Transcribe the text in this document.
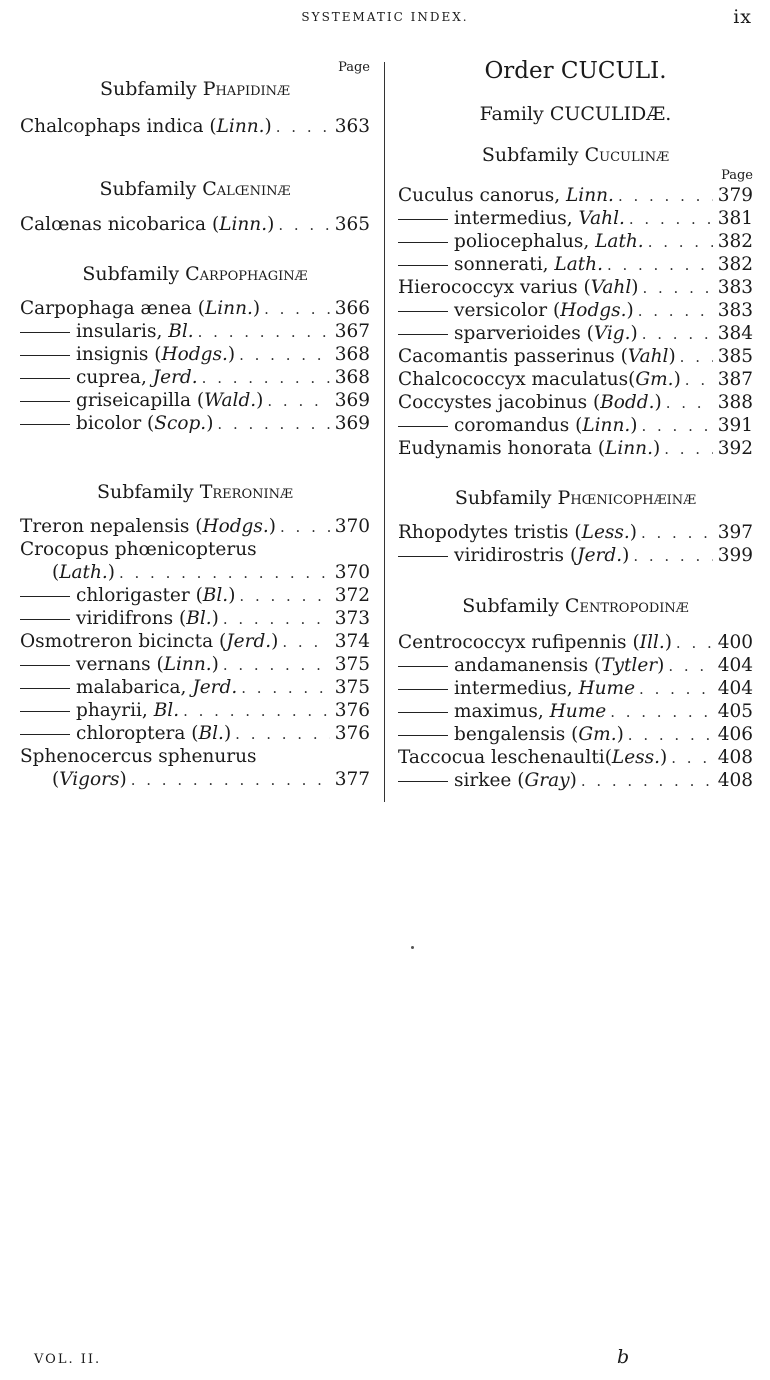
SYSTEMATIC INDEX.	ix
Page
Subfamily Phapidinæ
Chalcophaps indica (Linn.) . . .	363
Subfamily Calœninæ
Calœnas nicobarica (Linn.) . . .	365
Subfamily Carpophaginæ
Carpophaga ænea (Linn.) . . .	366
insularis, Bl. . . .	367
insignis (Hodgs.) . . .	368
cuprea, Jerd. . . .	368
griseicapilla (Wald.) . . .	369
bicolor (Scop.) . . .	369
Subfamily Treroninæ
Treron nepalensis (Hodgs.) . . .	370
Crocopus phœnicopterus
(Lath.) . . .	370
chlorigaster (Bl.) . . .	372
viridifrons (Bl.) . . .	373
Osmotreron bicincta (Jerd.) . . .	374
vernans (Linn.) . . .	375
malabarica, Jerd. . . .	375
phayrii, Bl. . . .	376
chloroptera (Bl.) . . .	376
Sphenocercus sphenurus
(Vigors) . . .	377
Order CUCULI.
Family CUCULIDÆ.
Subfamily Cuculinæ
Page
Cuculus canorus, Linn. . . .	379
intermedius, Vahl. . . .	381
poliocephalus, Lath. . . .	382
sonnerati, Lath. . . .	382
Hierococcyx varius (Vahl) . . .	383
versicolor (Hodgs.) . . .	383
sparverioides (Vig.) . . .	384
Cacomantis passerinus (Vahl) . . . 385
Chalcococcyx maculatus(Gm.) . . . 387
Coccystes jacobinus (Bodd.) . . .	388
coromandus (Linn.) . . .	391
Eudynamis honorata (Linn.) . . .	392
Subfamily Phœnicophæinæ
Rhopodytes tristis (Less.) . . .	397
viridirostris (Jerd.) . . .	399
Subfamily Centropodinæ
Centrococcyx rufipennis (Ill.) . . . 400
andamanensis (Tytler) . . .	404
intermedius, Hume . . .	404
maximus, Hume . . .	405
bengalensis (Gm.) . . .	406
Taccocua leschenaulti(Less.) . . .	408
sirkee (Gray) . . .	408
VOL. II.	b
